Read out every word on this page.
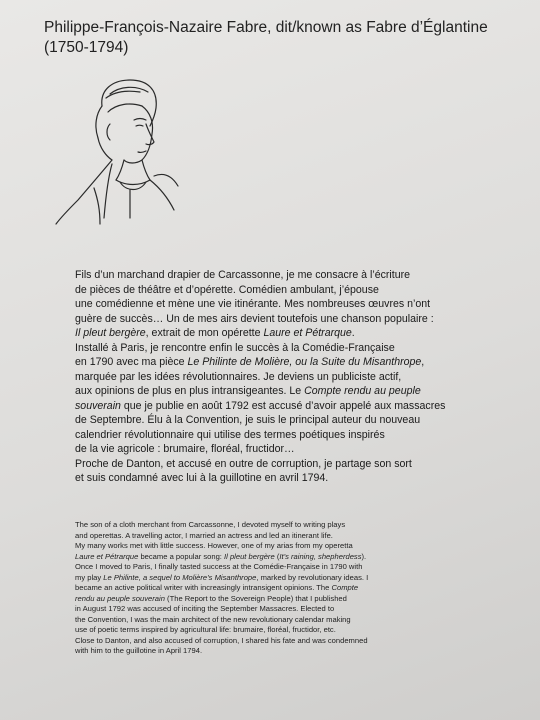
Philippe-François-Nazaire Fabre, dit/known as Fabre d’Églantine
(1750-1794)
Fils d’un marchand drapier de Carcassonne, je me consacre à l’écriture
de pièces de théâtre et d’opérette. Comédien ambulant, j’épouse
une comédienne et mène une vie itinérante. Mes nombreuses œuvres n’ont
guère de succès… Un de mes airs devient toutefois une chanson populaire :
Il pleut bergère, extrait de mon opérette Laure et Pétrarque.
Installé à Paris, je rencontre enfin le succès à la Comédie-Française
en 1790 avec ma pièce Le Philinte de Molière, ou la Suite du Misanthrope,
marquée par les idées révolutionnaires. Je deviens un publiciste actif,
aux opinions de plus en plus intransigeantes. Le Compte rendu au peuple
souverain que je publie en août 1792 est accusé d’avoir appelé aux massacres
de Septembre. Élu à la Convention, je suis le principal auteur du nouveau
calendrier révolutionnaire qui utilise des termes poétiques inspirés
de la vie agricole : brumaire, floréal, fructidor…
Proche de Danton, et accusé en outre de corruption, je partage son sort
et suis condamné avec lui à la guillotine en avril 1794.
The son of a cloth merchant from Carcassonne, I devoted myself to writing plays
and operettas. A travelling actor, I married an actress and led an itinerant life.
My many works met with little success. However, one of my arias from my operetta
Laure et Pétrarque became a popular song: Il pleut bergère (It’s raining, shepherdess).
Once I moved to Paris, I finally tasted success at the Comédie-Française in 1790 with
my play Le Philinte, a sequel to Molière’s Misanthrope, marked by revolutionary ideas. I
became an active political writer with increasingly intransigent opinions. The Compte
rendu au peuple souverain (The Report to the Sovereign People) that I published
in August 1792 was accused of inciting the September Massacres. Elected to
the Convention, I was the main architect of the new revolutionary calendar making
use of poetic terms inspired by agricultural life: brumaire, floréal, fructidor, etc.
Close to Danton, and also accused of corruption, I shared his fate and was condemned
with him to the guillotine in April 1794.
